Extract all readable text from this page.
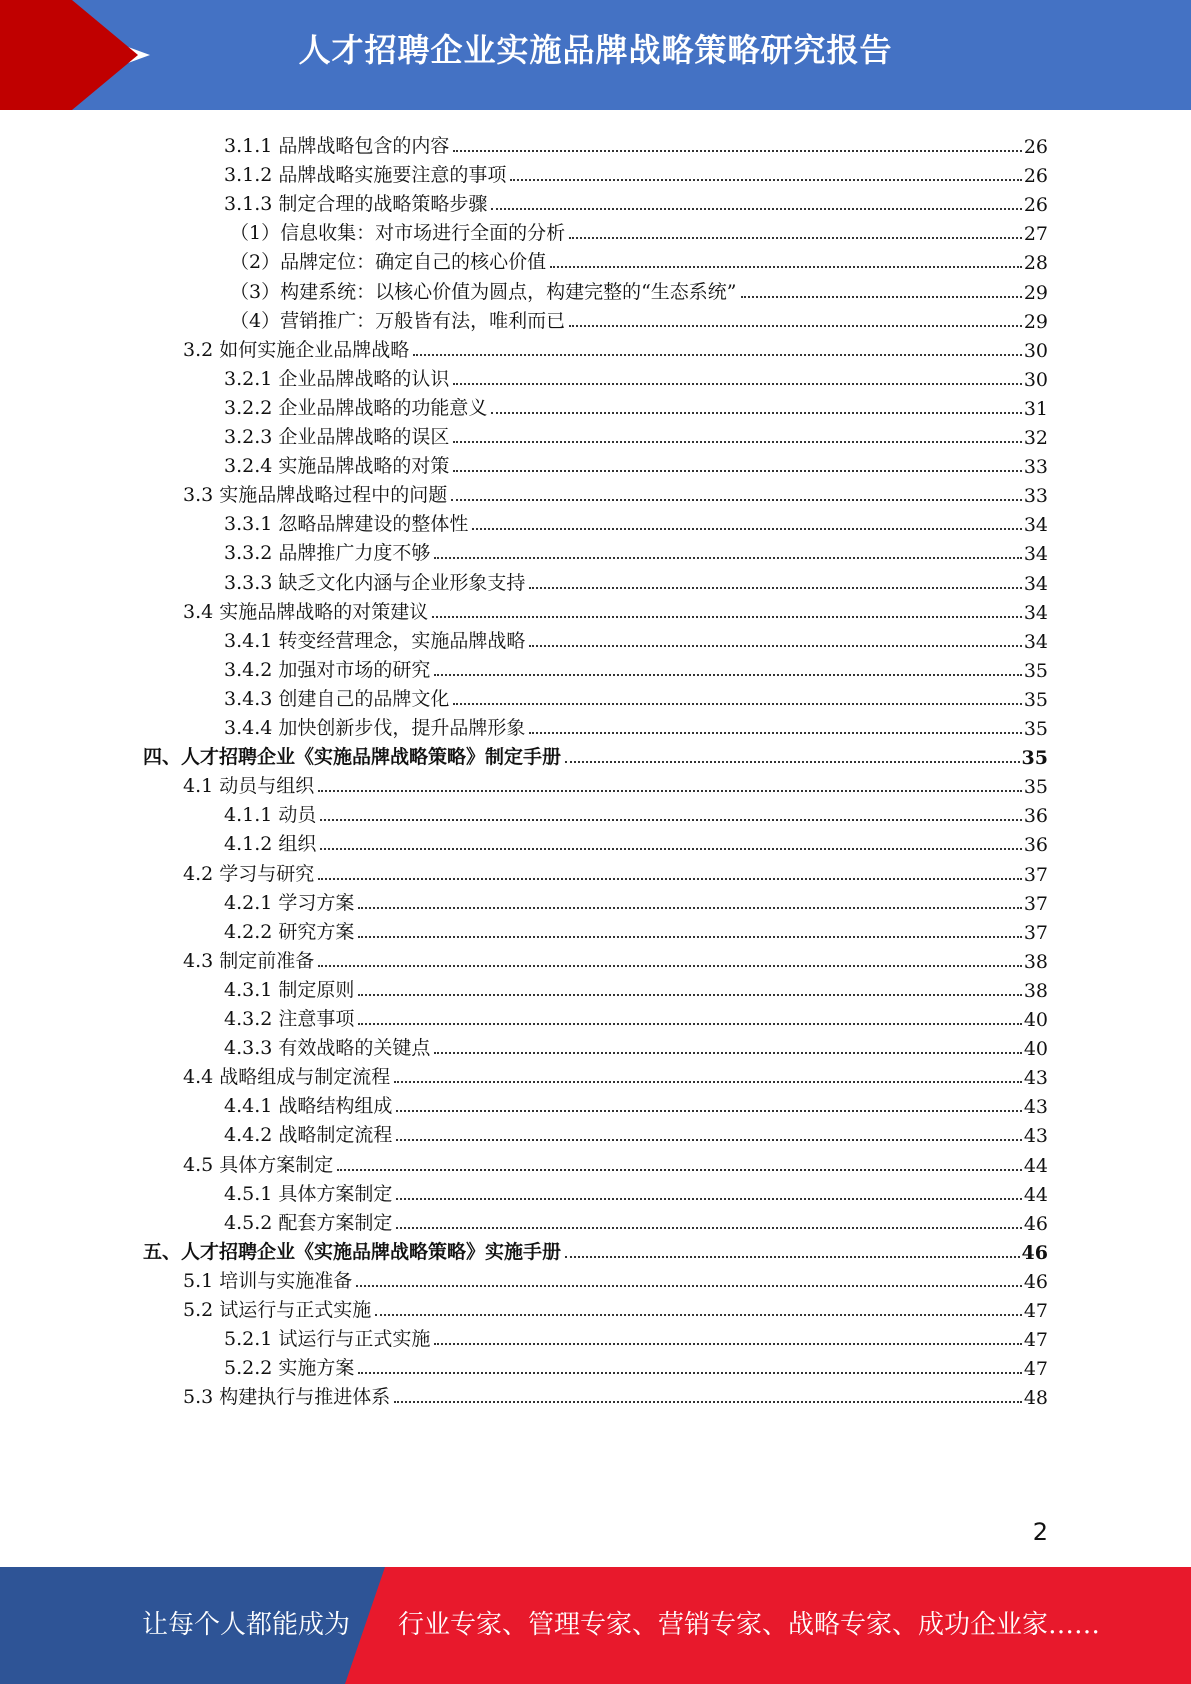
人才招聘企业实施品牌战略策略研究报告
3.1.1 品牌战略包含的内容	26
3.1.2 品牌战略实施要注意的事项	26
3.1.3 制定合理的战略策略步骤	26
（1）信息收集：对市场进行全面的分析	27
（2）品牌定位：确定自己的核心价值	28
（3）构建系统：以核心价值为圆点，构建完整的“生态系统”	29
（4）营销推广：万般皆有法，唯利而已	29
3.2 如何实施企业品牌战略	30
3.2.1 企业品牌战略的认识	30
3.2.2 企业品牌战略的功能意义	31
3.2.3 企业品牌战略的误区	32
3.2.4 实施品牌战略的对策	33
3.3 实施品牌战略过程中的问题	33
3.3.1 忽略品牌建设的整体性	34
3.3.2 品牌推广力度不够	34
3.3.3 缺乏文化内涵与企业形象支持	34
3.4 实施品牌战略的对策建议	34
3.4.1 转变经营理念，实施品牌战略	34
3.4.2 加强对市场的研究	35
3.4.3 创建自己的品牌文化	35
3.4.4 加快创新步伐，提升品牌形象	35
四、人才招聘企业《实施品牌战略策略》制定手册	35
4.1 动员与组织	35
4.1.1 动员	36
4.1.2 组织	36
4.2 学习与研究	37
4.2.1 学习方案	37
4.2.2 研究方案	37
4.3 制定前准备	38
4.3.1 制定原则	38
4.3.2 注意事项	40
4.3.3 有效战略的关键点	40
4.4 战略组成与制定流程	43
4.4.1 战略结构组成	43
4.4.2 战略制定流程	43
4.5 具体方案制定	44
4.5.1 具体方案制定	44
4.5.2 配套方案制定	46
五、人才招聘企业《实施品牌战略策略》实施手册	46
5.1 培训与实施准备	46
5.2 试运行与正式实施	47
5.2.1 试运行与正式实施	47
5.2.2 实施方案	47
5.3 构建执行与推进体系	48
2
让每个人都能成为 行业专家、管理专家、营销专家、战略专家、成功企业家……
